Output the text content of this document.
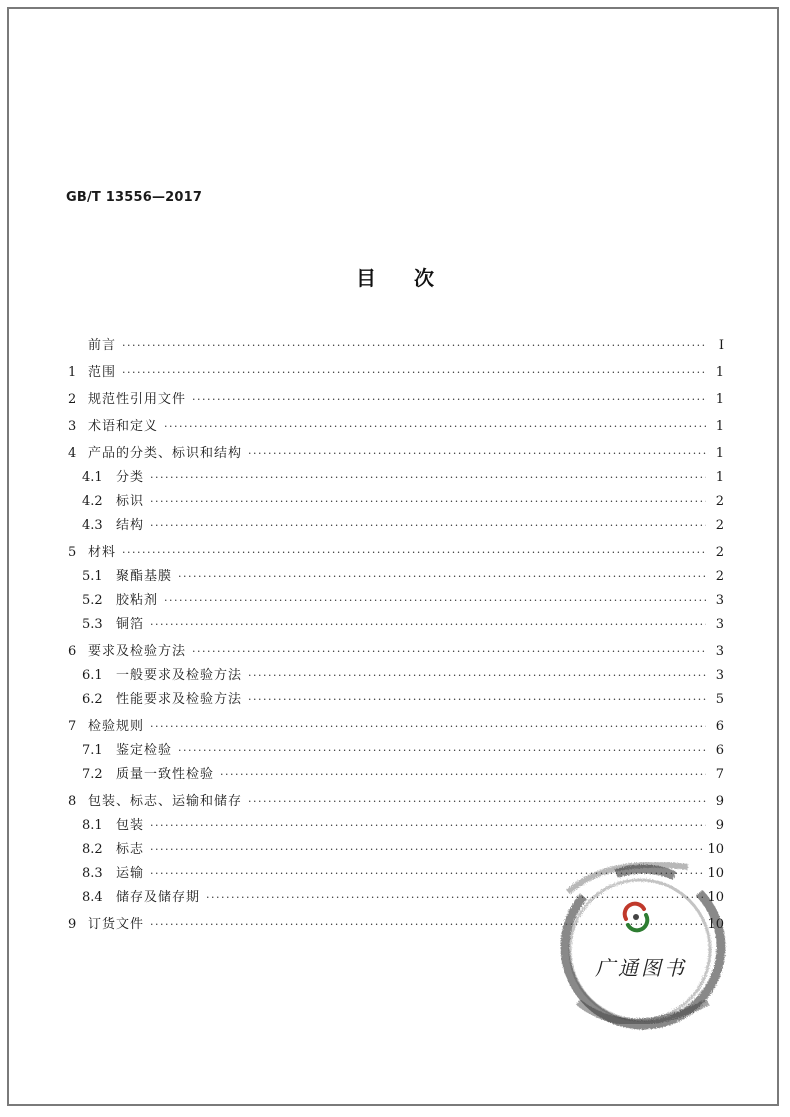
GB/T 13556—2017
目次
前言 ·····	Ⅰ
1 范围 ·····	1
2 规范性引用文件 ·····	1
3 术语和定义 ·····	1
4 产品的分类、标识和结构 ·····	1
4.1	分类 ·····	1
4.2	标识 ·····	2
4.3	结构 ·····	2
5 材料 ·····	2
5.1	聚酯基膜 ·····	2
5.2	胶粘剂 ·····	3
5.3	铜箔 ·····	3
6 要求及检验方法 ·····	3
6.1	一般要求及检验方法 ·····	3
6.2	性能要求及检验方法 ·····	5
7 检验规则 ·····	6
7.1	鉴定检验 ·····	6
7.2	质量一致性检验 ·····	7
8 包装、标志、运输和储存 ·····	9
8.1	包装 ·····	9
8.2	标志 ·····	10
8.3	运输 ·····	10
8.4	储存及储存期 ·····	10
9 订货文件 ·····	10
广通图书
